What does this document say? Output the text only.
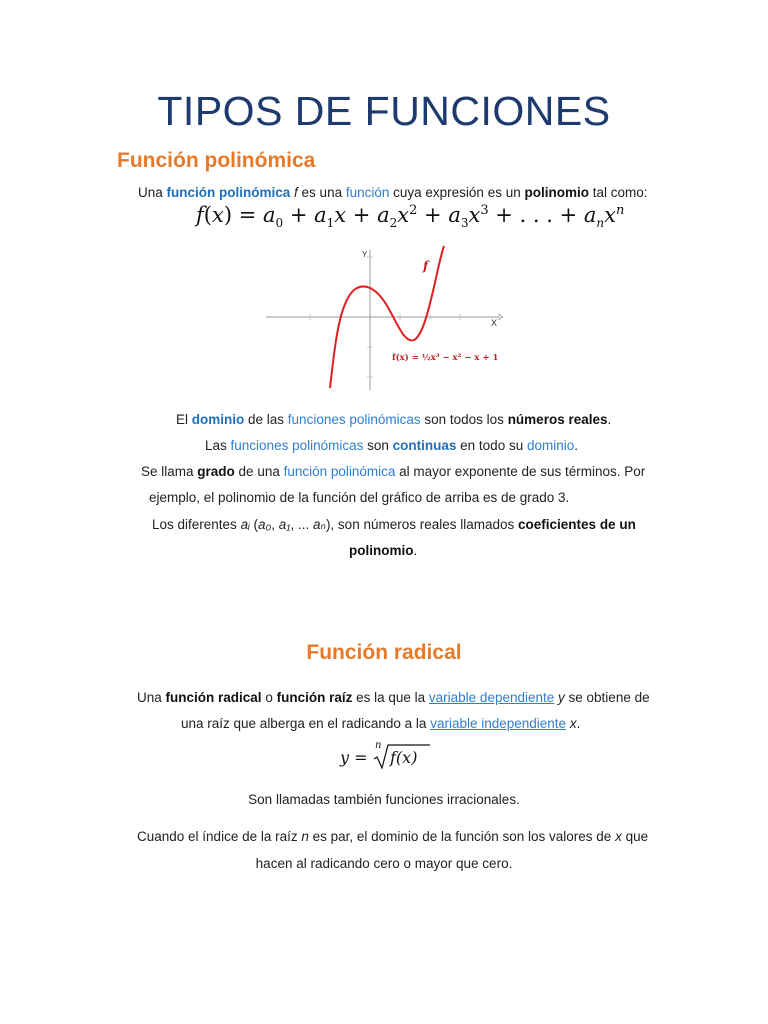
TIPOS DE FUNCIONES
Función polinómica
Una función polinómica f es una función cuya expresión es un polinomio tal como:
$f(x) = a_0 + a_1x + a_2x^2 + a_3x^3$ + . . . + $a_nx^n$
Y
X
f
f(x) = ½x³ − x² − x + 1
El dominio de las funciones polinómicas son todos los números reales.
Las funciones polinómicas son continuas en todo su dominio.
Se llama grado de una función polinómica al mayor exponente de sus términos. Por
ejemplo, el polinomio de la función del gráfico de arriba es de grado 3.
Los diferentes aᵢ (a₀, a₁, ... aₙ), son números reales llamados coeficientes de un
polinomio.
Función radical
Una función radical o función raíz es la que la variable dependiente y se obtiene de
una raíz que alberga en el radicando a la variable independiente x.
y =
n
f(x)
Son llamadas también funciones irracionales.
Cuando el índice de la raíz n es par, el dominio de la función son los valores de x que
hacen al radicando cero o mayor que cero.
